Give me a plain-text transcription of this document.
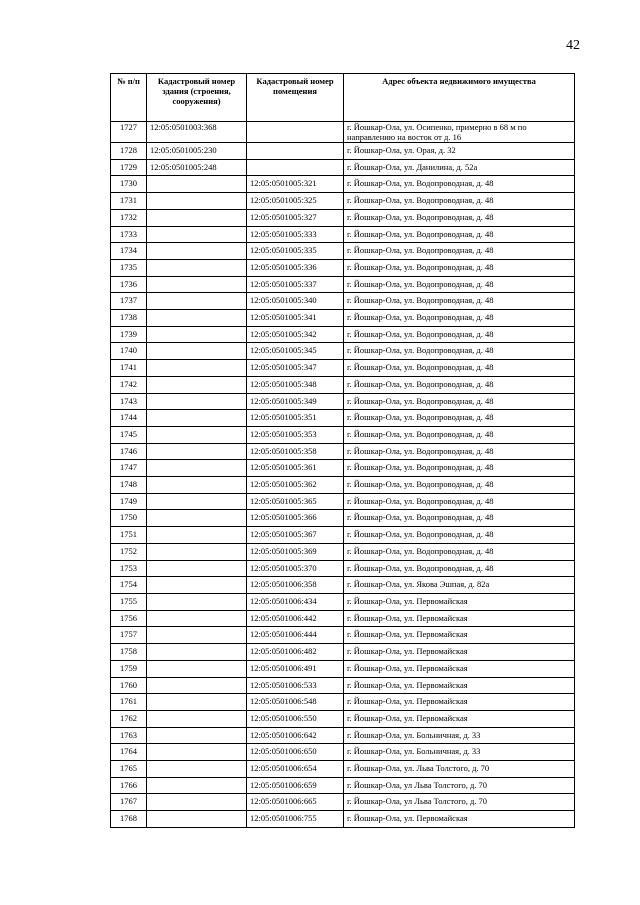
42
№ п/п	Кадастровый номер здания (строения, сооружения)	Кадастровый номер помещения	Адрес объекта недвижимого имущества
1727	12:05:0501003:368		г. Йошкар-Ола, ул. Осипенко, примерно в 68 м по направлению на восток от д. 16
1728	12:05:0501005:230		г. Йошкар-Ола, ул. Орая, д. 32
1729	12:05:0501005:248		г. Йошкар-Ола, ул. Данилина, д. 52а
1730		12:05:0501005:321	г. Йошкар-Ола, ул. Водопроводная, д. 48
1731		12:05:0501005:325	г. Йошкар-Ола, ул. Водопроводная, д. 48
1732		12:05:0501005:327	г. Йошкар-Ола, ул. Водопроводная, д. 48
1733		12:05:0501005:333	г. Йошкар-Ола, ул. Водопроводная, д. 48
1734		12:05:0501005:335	г. Йошкар-Ола, ул. Водопроводная, д. 48
1735		12:05:0501005:336	г. Йошкар-Ола, ул. Водопроводная, д. 48
1736		12:05:0501005:337	г. Йошкар-Ола, ул. Водопроводная, д. 48
1737		12:05:0501005:340	г. Йошкар-Ола, ул. Водопроводная, д. 48
1738		12:05:0501005:341	г. Йошкар-Ола, ул. Водопроводная, д. 48
1739		12:05:0501005:342	г. Йошкар-Ола, ул. Водопроводная, д. 48
1740		12:05:0501005:345	г. Йошкар-Ола, ул. Водопроводная, д. 48
1741		12:05:0501005:347	г. Йошкар-Ола, ул. Водопроводная, д. 48
1742		12:05:0501005:348	г. Йошкар-Ола, ул. Водопроводная, д. 48
1743		12:05:0501005:349	г. Йошкар-Ола, ул. Водопроводная, д. 48
1744		12:05:0501005:351	г. Йошкар-Ола, ул. Водопроводная, д. 48
1745		12:05:0501005:353	г. Йошкар-Ола, ул. Водопроводная, д. 48
1746		12:05:0501005:358	г. Йошкар-Ола, ул. Водопроводная, д. 48
1747		12:05:0501005:361	г. Йошкар-Ола, ул. Водопроводная, д. 48
1748		12:05:0501005:362	г. Йошкар-Ола, ул. Водопроводная, д. 48
1749		12:05:0501005:365	г. Йошкар-Ола, ул. Водопроводная, д. 48
1750		12:05:0501005:366	г. Йошкар-Ола, ул. Водопроводная, д. 48
1751		12:05:0501005:367	г. Йошкар-Ола, ул. Водопроводная, д. 48
1752		12:05:0501005:369	г. Йошкар-Ола, ул. Водопроводная, д. 48
1753		12:05:0501005:370	г. Йошкар-Ола, ул. Водопроводная, д. 48
1754		12:05:0501006:358	г. Йошкар-Ола, ул. Якова Эшпая, д. 82а
1755		12:05:0501006:434	г. Йошкар-Ола, ул. Первомайская
1756		12:05:0501006:442	г. Йошкар-Ола, ул. Первомайская
1757		12:05:0501006:444	г. Йошкар-Ола, ул. Первомайская
1758		12:05:0501006:482	г. Йошкар-Ола, ул. Первомайская
1759		12:05:0501006:491	г. Йошкар-Ола, ул. Первомайская
1760		12:05:0501006:533	г. Йошкар-Ола, ул. Первомайская
1761		12:05:0501006:548	г. Йошкар-Ола, ул. Первомайская
1762		12:05:0501006:550	г. Йошкар-Ола, ул. Первомайская
1763		12:05:0501006:642	г. Йошкар-Ола, ул. Больничная, д. 33
1764		12:05:0501006:650	г. Йошкар-Ола, ул. Больничная, д. 33
1765		12:05:0501006:654	г. Йошкар-Ола, ул. Льва Толстого, д. 70
1766		12:05:0501006:659	г. Йошкар-Ола, ул Льва Толстого, д. 70
1767		12:05:0501006:665	г. Йошкар-Ола, ул Льва Толстого, д. 70
1768		12:05:0501006:755	г. Йошкар-Ола, ул. Первомайская
